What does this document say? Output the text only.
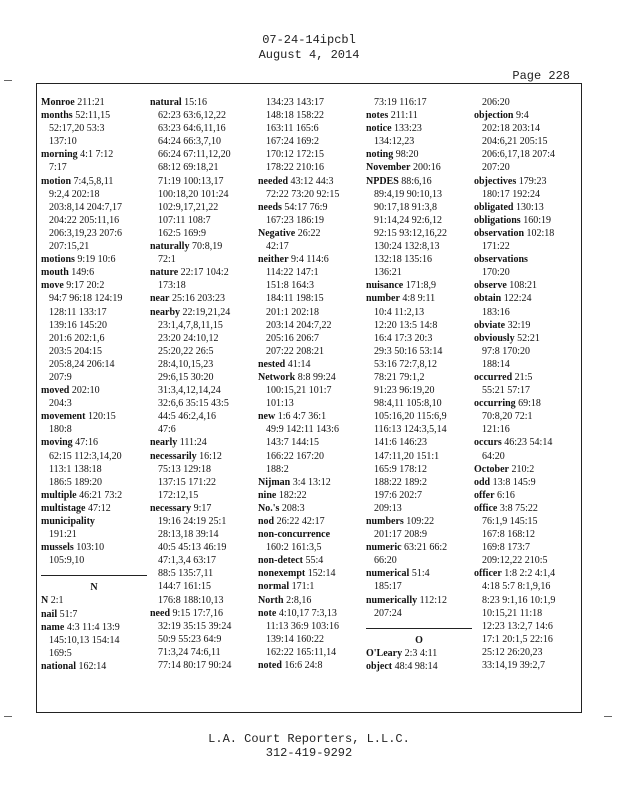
07-24-14ipcbl
August 4, 2014
Page 228
Monroe 211:21
months 52:11,15
52:17,20 53:3
137:10
morning 4:1 7:12
7:17
motion 7:4,5,8,11
9:2,4 202:18
203:8,14 204:7,17
204:22 205:11,16
206:3,19,23 207:6
207:15,21
motions 9:19 10:6
mouth 149:6
move 9:17 20:2
94:7 96:18 124:19
128:11 133:17
139:16 145:20
201:6 202:1,6
203:5 204:15
205:8,24 206:14
207:9
moved 202:10
204:3
movement 120:15
180:8
moving 47:16
62:15 112:3,14,20
113:1 138:18
186:5 189:20
multiple 46:21 73:2
multistage 47:12
municipality
191:21
mussels 103:10
105:9,10
N
N 2:1
nail 51:7
name 4:3 11:4 13:9
145:10,13 154:14
169:5
national 162:14
natural 15:16
62:23 63:6,12,22
63:23 64:6,11,16
64:24 66:3,7,10
66:24 67:11,12,20
68:12 69:18,21
71:19 100:13,17
100:18,20 101:24
102:9,17,21,22
107:11 108:7
162:5 169:9
naturally 70:8,19
72:1
nature 22:17 104:2
173:18
near 25:16 203:23
nearby 22:19,21,24
23:1,4,7,8,11,15
23:20 24:10,12
25:20,22 26:5
28:4,10,15,23
29:6,15 30:20
31:3,4,12,14,24
32:6,6 35:15 43:5
44:5 46:2,4,16
47:6
nearly 111:24
necessarily 16:12
75:13 129:18
137:15 171:22
172:12,15
necessary 9:17
19:16 24:19 25:1
28:13,18 39:14
40:5 45:13 46:19
47:1,3,4 63:17
88:5 135:7,11
144:7 161:15
176:8 188:10,13
need 9:15 17:7,16
32:19 35:15 39:24
50:9 55:23 64:9
71:3,24 74:6,11
77:14 80:17 90:24
134:23 143:17
148:18 158:22
163:11 165:6
167:24 169:2
170:12 172:15
178:22 210:16
needed 43:12 44:3
72:22 73:20 92:15
needs 54:17 76:9
167:23 186:19
Negative 26:22
42:17
neither 9:4 114:6
114:22 147:1
151:8 164:3
184:11 198:15
201:1 202:18
203:14 204:7,22
205:16 206:7
207:22 208:21
nested 41:14
Network 8:8 99:24
100:15,21 101:7
101:13
new 1:6 4:7 36:1
49:9 142:11 143:6
143:7 144:15
166:22 167:20
188:2
Nijman 3:4 13:12
nine 182:22
No.'s 208:3
nod 26:22 42:17
non-concurrence
160:2 161:3,5
non-detect 55:4
nonexempt 152:14
normal 171:1
North 2:8,16
note 4:10,17 7:3,13
11:13 36:9 103:16
139:14 160:22
162:22 165:11,14
noted 16:6 24:8
73:19 116:17
notes 211:11
notice 133:23
134:12,23
noting 98:20
November 200:16
NPDES 88:6,16
89:4,19 90:10,13
90:17,18 91:3,8
91:14,24 92:6,12
92:15 93:12,16,22
130:24 132:8,13
132:18 135:16
136:21
nuisance 171:8,9
number 4:8 9:11
10:4 11:2,13
12:20 13:5 14:8
16:4 17:3 20:3
29:3 50:16 53:14
53:16 72:7,8,12
78:21 79:1,2
91:23 96:19,20
98:4,11 105:8,10
105:16,20 115:6,9
116:13 124:3,5,14
141:6 146:23
147:11,20 151:1
165:9 178:12
188:22 189:2
197:6 202:7
209:13
numbers 109:22
201:17 208:9
numeric 63:21 66:2
66:20
numerical 51:4
185:17
numerically 112:12
207:24
O
O'Leary 2:3 4:11
object 48:4 98:14
206:20
objection 9:4
202:18 203:14
204:6,21 205:15
206:6,17,18 207:4
207:20
objectives 179:23
180:17 192:24
obligated 130:13
obligations 160:19
observation 102:18
171:22
observations
170:20
observe 108:21
obtain 122:24
183:16
obviate 32:19
obviously 52:21
97:8 170:20
188:14
occurred 21:5
55:21 57:17
occurring 69:18
70:8,20 72:1
121:16
occurs 46:23 54:14
64:20
October 210:2
odd 13:8 145:9
offer 6:16
office 3:8 75:22
76:1,9 145:15
167:8 168:12
169:8 173:7
209:12,22 210:5
officer 1:8 2:2 4:1,4
4:18 5:7 8:1,9,16
8:23 9:1,16 10:1,9
10:15,21 11:18
12:23 13:2,7 14:6
17:1 20:1,5 22:16
25:12 26:20,23
33:14,19 39:2,7
L.A. Court Reporters, L.L.C.
312-419-9292
